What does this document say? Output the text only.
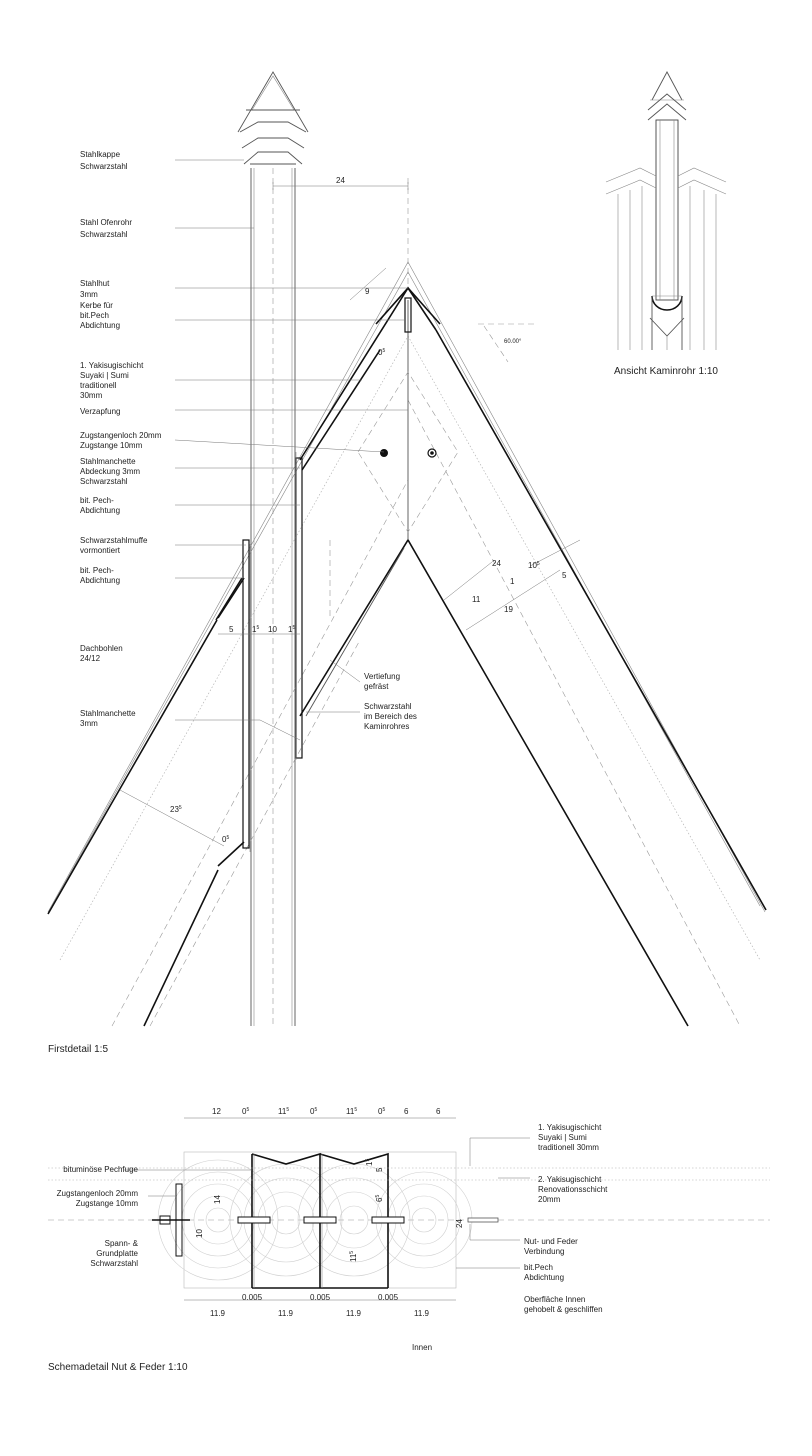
24
9
$0^5$
5 $1^5$ 10 $1^5$
$23^5$
$0^5$
24	$10^5$
5
1
11
19
Stahlkappe
Schwarzstahl
Stahl Ofenrohr
Schwarzstahl
Stahlhut
3mm
Kerbe für
bit.Pech
Abdichtung
1. Yakisugischicht
Suyaki | Sumi
traditionell
30mm
Verzapfung
Zugstangenloch 20mm
Zugstange 10mm
Stahlmanchette
Abdeckung 3mm
Schwarzstahl
bit. Pech-
Abdichtung
Schwarzstahlmuffe
vormontiert
bit. Pech-
Abdichtung
Dachbohlen
24/12
Stahlmanchette
3mm
Vertiefung
gefräst
Schwarzstahl
im Bereich des
Kaminrohres
Firstdetail 1:5
60.00°
Ansicht Kaminrohr 1:10
12	$0^5$	$11^5$	$0^5$	$11^5$	$0^5$ 6	6
0.005	0.005	0.005
11.9	11.9	11.9	11.9
14
10
5
$1^5$
$6^5$
$11^5$
24
bituminöse Pechfuge
Zugstangenloch 20mm
Zugstange 10mm
Spann- &
Grundplatte
Schwarzstahl
1. Yakisugischicht
Suyaki | Sumi
traditionell 30mm
2. Yakisugischicht
Renovationsschicht
20mm
Nut- und Feder
Verbindung
bit.Pech
Abdichtung
Oberfläche Innen
gehobelt & geschliffen
Innen
Schemadetail Nut & Feder 1:10
